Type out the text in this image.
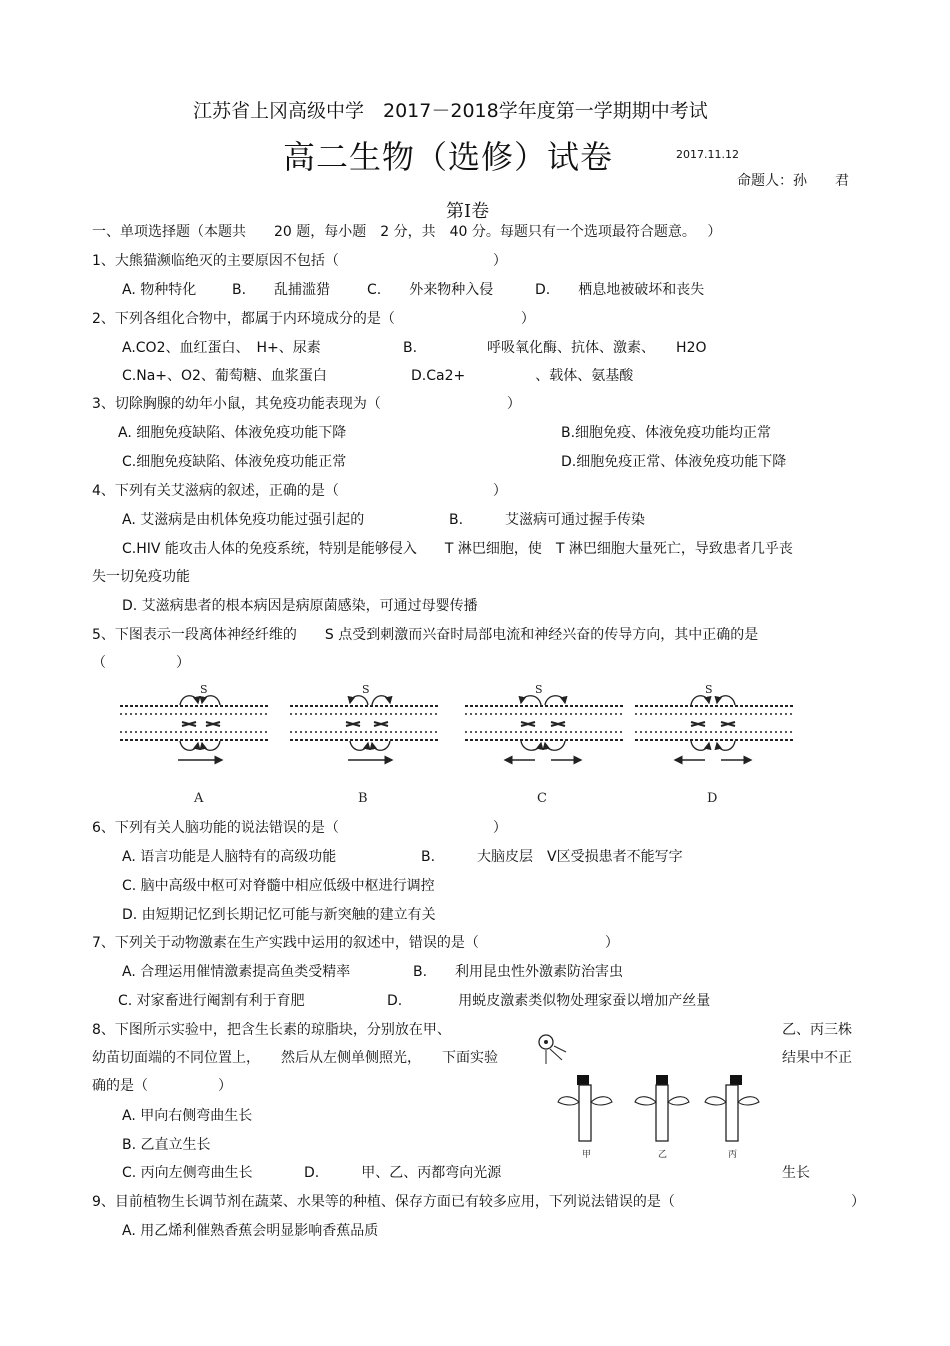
江苏省上冈高级中学　2017－2018学年度第一学期期中考试
高二生物（选修）试卷	2017.11.12
命题人：孙　　君
第Ⅰ卷
一、单项选择题（本题共　　20 题，每小题　2 分，共　40 分。每题只有一个选项最符合题意。　 ）
1、大熊猫濒临绝灭的主要原因不包括（　　　　　　　　　　　）
A. 物种特化	B.　　乱捕滥猎	C.　　外来物种入侵	D.　　栖息地被破坏和丧失
2、下列各组化合物中，都属于内环境成分的是（　　　　　　　　　）
A.CO2、血红蛋白、　H+、尿素	B.　　　　　呼吸氧化酶、抗体、激素、　　H2O
C.Na+、O2、葡萄糖、血浆蛋白	D.Ca2+　　　　　、载体、氨基酸
3、切除胸腺的幼年小鼠，其免疫功能表现为（　　　　　　　　　）
A. 细胞免疫缺陷、体液免疫功能下降	B.细胞免疫、体液免疫功能均正常
C.细胞免疫缺陷、体液免疫功能正常	D.细胞免疫正常、体液免疫功能下降
4、下列有关艾滋病的叙述，正确的是（　　　　　　　　　　　）
A. 艾滋病是由机体免疫功能过强引起的	B.　　　艾滋病可通过握手传染
C.HIV 能攻击人体的免疫系统，特别是能够侵入　　T 淋巴细胞，使　T 淋巴细胞大量死亡，导致患者几乎丧
失一切免疫功能
D. 艾滋病患者的根本病因是病原菌感染，可通过母婴传播
5、下图表示一段离体神经纤维的　　S 点受到刺激而兴奋时局部电流和神经兴奋的传导方向，其中正确的是
（　　　　　）
S
A
S
B
S
C
S
D
6、下列有关人脑功能的说法错误的是（　　　　　　　　　　　）
A. 语言功能是人脑特有的高级功能	B.　　　大脑皮层　V区受损患者不能写字
C. 脑中高级中枢可对脊髓中相应低级中枢进行调控
D. 由短期记忆到长期记忆可能与新突触的建立有关
7、下列关于动物激素在生产实践中运用的叙述中，错误的是（　　　　　　　　　）
A. 合理运用催情激素提高鱼类受精率	B.　　利用昆虫性外激素防治害虫
C. 对家畜进行阉割有利于育肥	D.　　　　用蜕皮激素类似物处理家蚕以增加产丝量
8、下图所示实验中，把含生长素的琼脂块，分别放在甲、	乙、丙三株
幼苗切面端的不同位置上，　　然后从左侧单侧照光，　　下面实验	结果中不正
确的是（　　　　　）
A. 甲向右侧弯曲生长
B. 乙直立生长
C. 丙向左侧弯曲生长	D.　　　甲、乙、丙都弯向光源	生长
甲	乙	丙
9、目前植物生长调节剂在蔬菜、水果等的种植、保存方面已有较多应用，下列说法错误的是（	）
A. 用乙烯利催熟香蕉会明显影响香蕉品质
